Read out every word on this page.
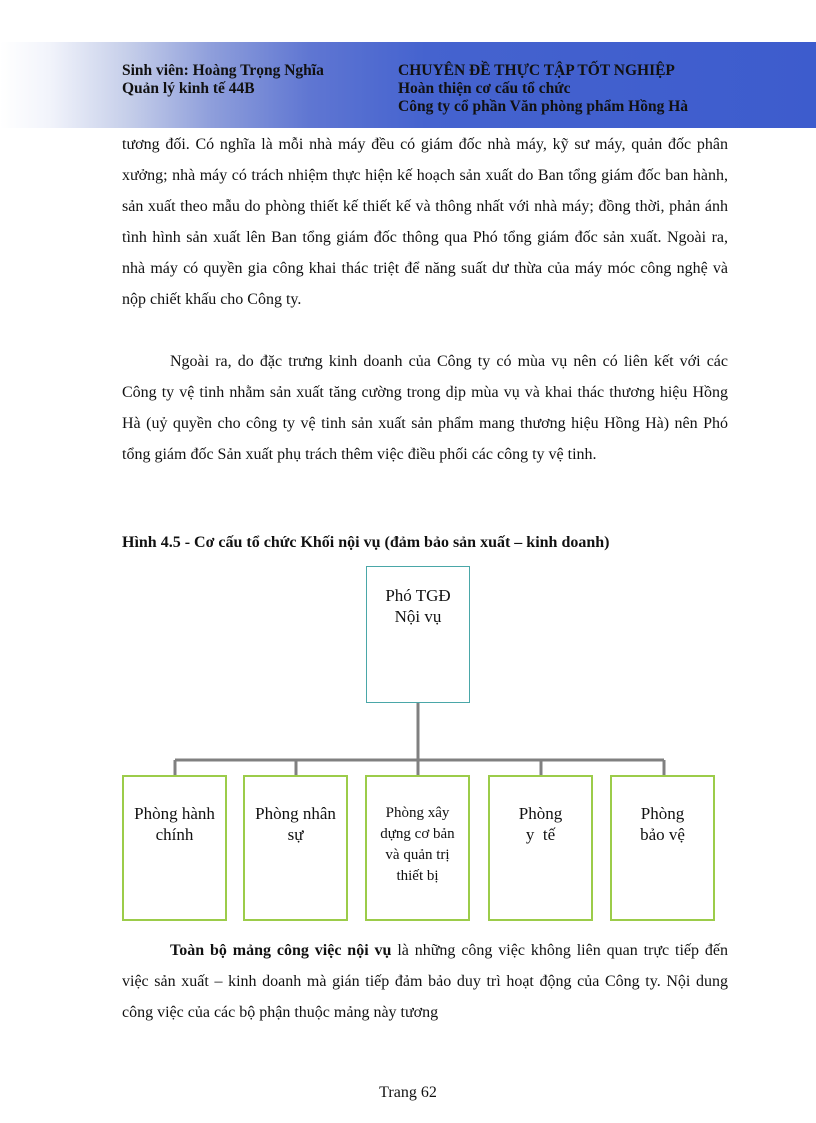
Sinh viên: Hoàng Trọng Nghĩa
Quản lý kinh tế 44B
CHUYÊN ĐỀ THỰC TẬP TỐT NGHIỆP
Hoàn thiện cơ cấu tổ chức
Công ty cổ phần Văn phòng phẩm Hồng Hà

tương đối. Có nghĩa là mỗi nhà máy đều có giám đốc nhà máy, kỹ sư máy, quản đốc phân xưởng; nhà máy có trách nhiệm thực hiện kế hoạch sản xuất do Ban tổng giám đốc ban hành, sản xuất theo mẫu do phòng thiết kế thiết kế và thông nhất với nhà máy; đồng thời, phản ánh tình hình sản xuất lên Ban tổng giám đốc thông qua Phó tổng giám đốc sản xuất. Ngoài ra, nhà máy có quyền gia công khai thác triệt để năng suất dư thừa của máy móc công nghệ và nộp chiết khấu cho Công ty.

Ngoài ra, do đặc trưng kinh doanh của Công ty có mùa vụ nên có liên kết với các Công ty vệ tinh nhằm sản xuất tăng cường trong dịp mùa vụ và khai thác thương hiệu Hồng Hà (uỷ quyền cho công ty vệ tinh sản xuất sản phẩm mang thương hiệu Hồng Hà) nên Phó tổng giám đốc Sản xuất phụ trách thêm việc điều phối các công ty vệ tinh.

Hình 4.5 - Cơ cấu tổ chức Khối nội vụ (đảm bảo sản xuất – kinh doanh)
Phó TGĐ
Nội vụ
Phòng hành
chính
Phòng nhân
sự
Phòng xây
dựng cơ bản
và quản trị
thiết bị
Phòng
y  tế
Phòng
bảo vệ

Toàn bộ mảng công việc nội vụ là những công việc không liên quan trực tiếp đến việc sản xuất – kinh doanh mà gián tiếp đảm bảo duy trì hoạt động của Công ty. Nội dung công việc của các bộ phận thuộc mảng này tương

Trang 62
